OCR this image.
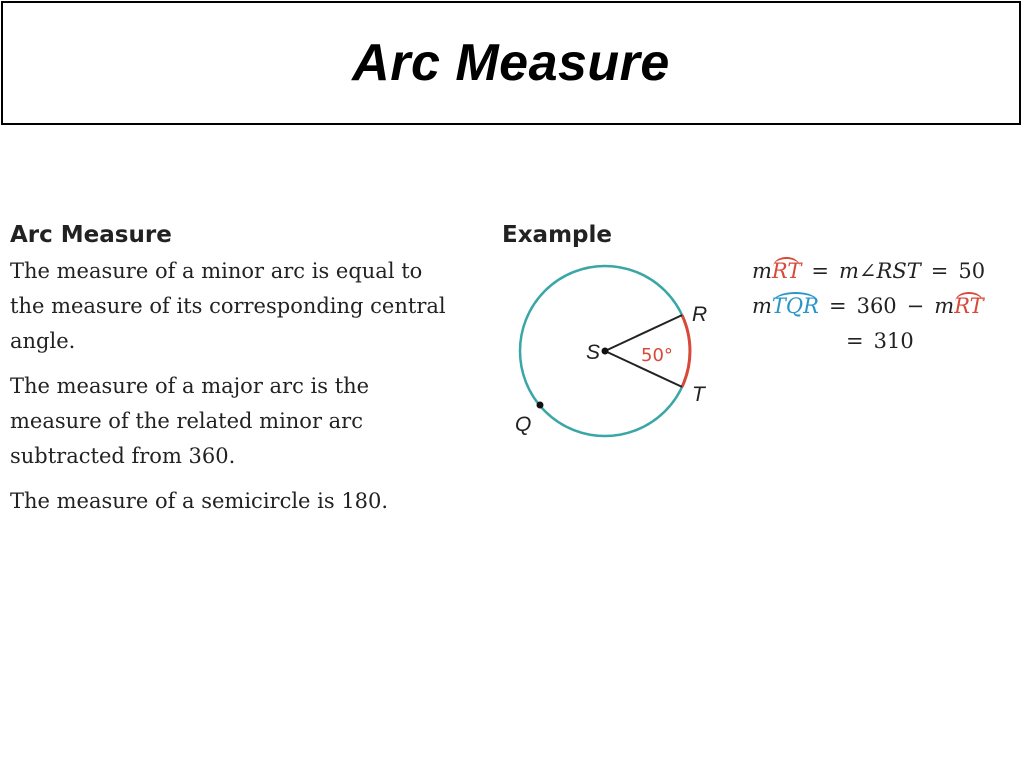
Arc Measure
Arc Measure

The measure of a minor arc is equal to the measure of its corresponding central angle.

The measure of a major arc is the measure of the related minor arc subtracted from 360.

The measure of a semicircle is 180.

Example
S
R
T
Q
50°
mRT = m∠RST = 50
mTQR = 360 − mRT
= 310
